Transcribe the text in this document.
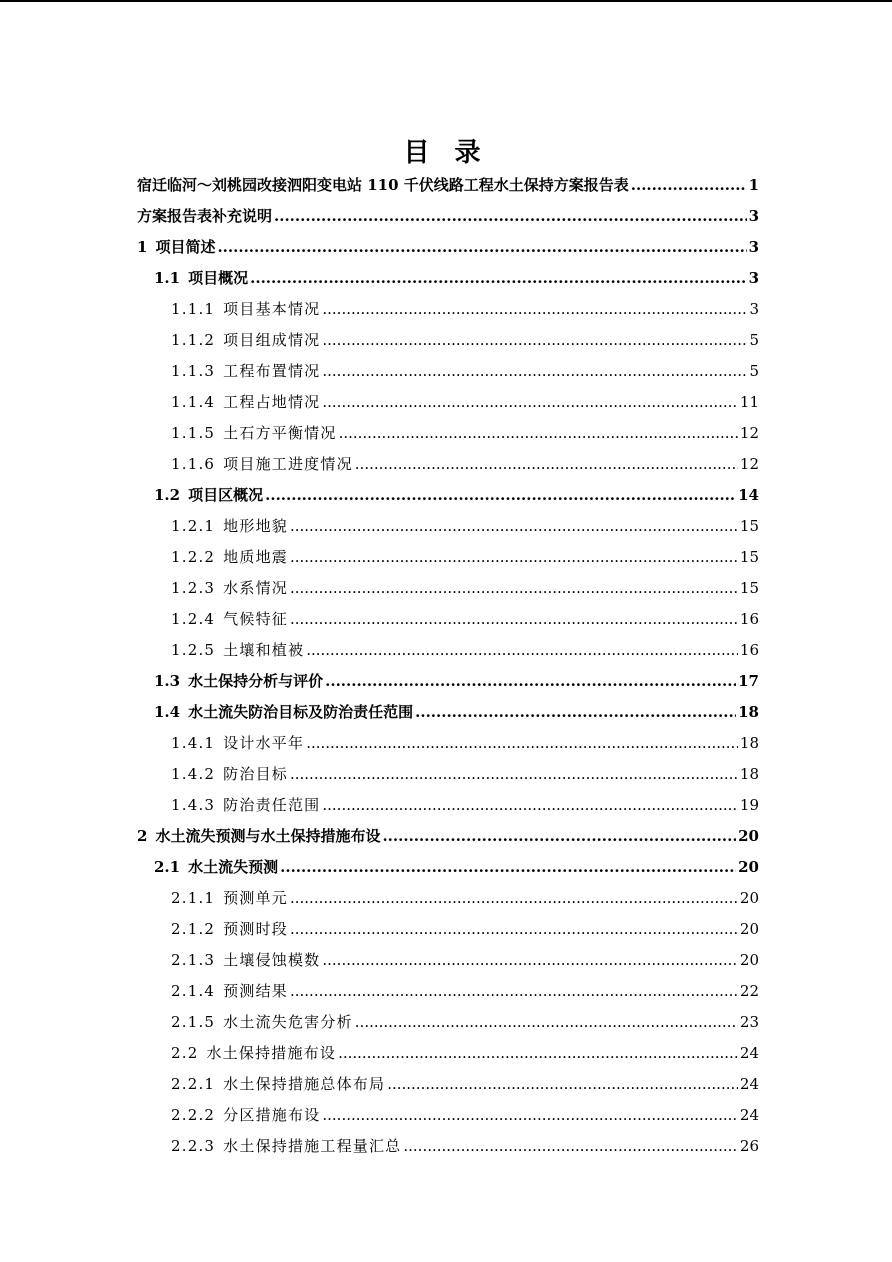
目 录
宿迁临河～刘桃园改接泗阳变电站 110 千伏线路工程水土保持方案报告表 .....	1
方案报告表补充说明 .....	3
1 项目简述 .....	3
1.1 项目概况 .....	3
1.1.1 项目基本情况 .....	3
1.1.2 项目组成情况 .....	5
1.1.3 工程布置情况 .....	5
1.1.4 工程占地情况 .....	11
1.1.5 土石方平衡情况 .....	12
1.1.6 项目施工进度情况 .....	12
1.2 项目区概况 .....	14
1.2.1 地形地貌 .....	15
1.2.2 地质地震 .....	15
1.2.3 水系情况 .....	15
1.2.4 气候特征 .....	16
1.2.5 土壤和植被 .....	16
1.3 水土保持分析与评价 .....	17
1.4 水土流失防治目标及防治责任范围 .....	18
1.4.1 设计水平年 .....	18
1.4.2 防治目标 .....	18
1.4.3 防治责任范围 .....	19
2 水土流失预测与水土保持措施布设 .....	20
2.1 水土流失预测 .....	20
2.1.1 预测单元 .....	20
2.1.2 预测时段 .....	20
2.1.3 土壤侵蚀模数 .....	20
2.1.4 预测结果 .....	22
2.1.5 水土流失危害分析 .....	23
2.2 水土保持措施布设 .....	24
2.2.1 水土保持措施总体布局 .....	24
2.2.2 分区措施布设 .....	24
2.2.3 水土保持措施工程量汇总 .....	26
